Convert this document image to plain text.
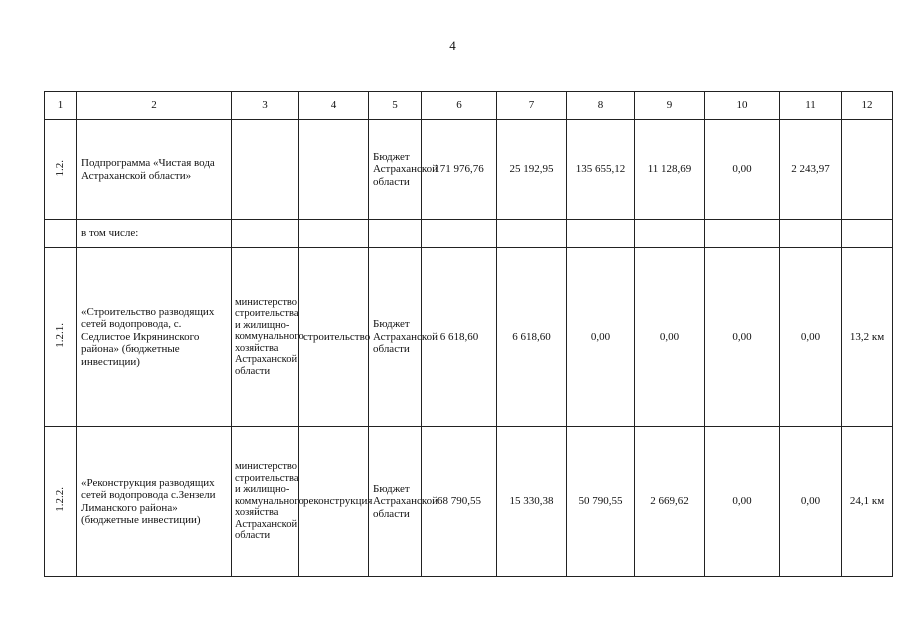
4
1	2	3	4	5	6	7	8	9	10	11	12
1.2.	Подпрограмма «Чистая вода Астраханской области»			Бюджет Астраханской области	171 976,76	25 192,95	135 655,12	11 128,69	0,00	2 243,97	
	в том числе:										
1.2.1.	«Строительство разводящих сетей водопровода, с. Седлистое Икрянинского района» (бюджетные инвестиции)	министерство строительства и жилищно-коммунального хозяйства Астраханской области	строительство	Бюджет Астраханской области	6 618,60	6 618,60	0,00	0,00	0,00	0,00	13,2 км
1.2.2.	«Реконструкция разводящих сетей водопровода с.Зензели Лиманского района» (бюджетные инвестиции)	министерство строительства и жилищно-коммунального хозяйства Астраханской области	реконструкция	Бюджет Астраханской области	68 790,55	15 330,38	50 790,55	2 669,62	0,00	0,00	24,1 км
